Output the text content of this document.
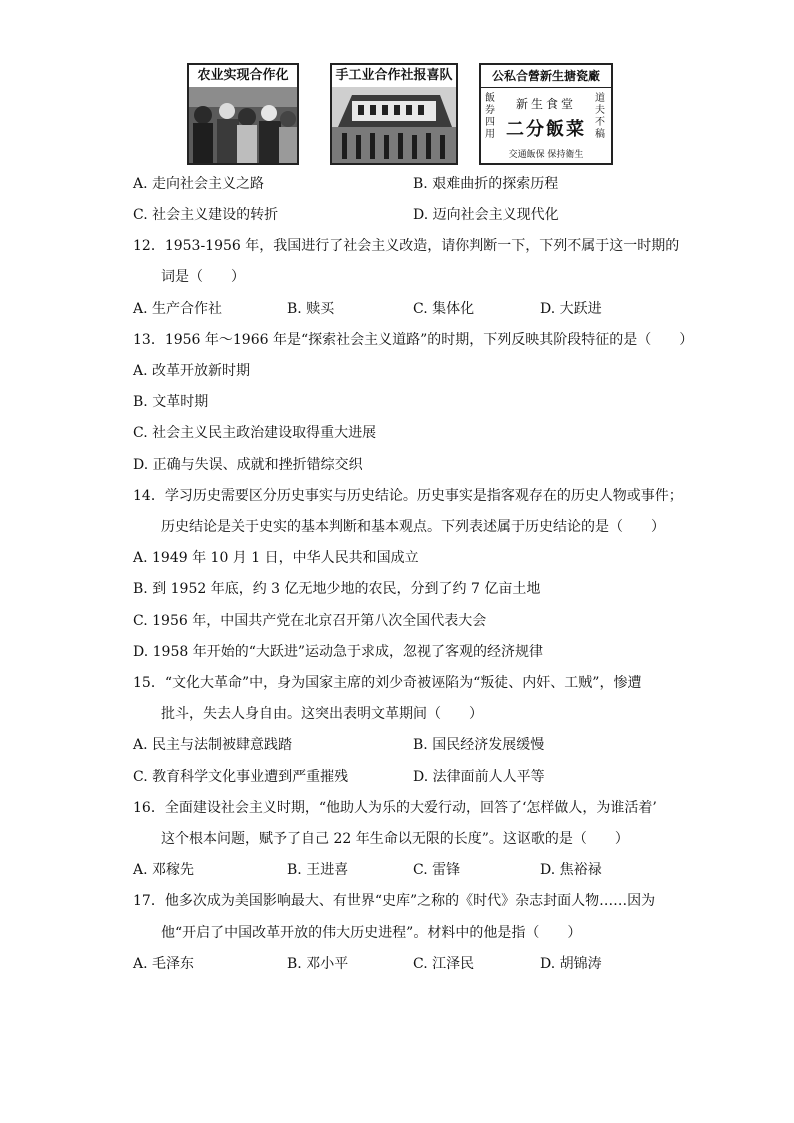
农业实现合作化	手工业合作社报喜队	公私合營新生搪瓷廠
飯券四用
新生食堂
二分飯菜
道夫不稿
交通飯保 保持衛生
A. 走向社会主义之路	B. 艰难曲折的探索历程
C. 社会主义建设的转折	D. 迈向社会主义现代化
12．1953-1956 年，我国进行了社会主义改造，请你判断一下，下列不属于这一时期的
词是（　　）
A. 生产合作社	B. 赎买	C. 集体化	D. 大跃进
13．1956 年～1966 年是“探索社会主义道路”的时期，下列反映其阶段特征的是（　　）
A. 改革开放新时期
B. 文革时期
C. 社会主义民主政治建设取得重大进展
D. 正确与失误、成就和挫折错综交织
14．学习历史需要区分历史事实与历史结论。历史事实是指客观存在的历史人物或事件；
历史结论是关于史实的基本判断和基本观点。下列表述属于历史结论的是（　　）
A. 1949 年 10 月 1 日，中华人民共和国成立
B. 到 1952 年底，约 3 亿无地少地的农民，分到了约 7 亿亩土地
C. 1956 年，中国共产党在北京召开第八次全国代表大会
D. 1958 年开始的“大跃进”运动急于求成，忽视了客观的经济规律
15．“文化大革命”中，身为国家主席的刘少奇被诬陷为“叛徒、内奸、工贼”，惨遭
批斗，失去人身自由。这突出表明文革期间（　　）
A. 民主与法制被肆意践踏	B. 国民经济发展缓慢
C. 教育科学文化事业遭到严重摧残	D. 法律面前人人平等
16．全面建设社会主义时期，“他助人为乐的大爱行动，回答了‘怎样做人，为谁活着’
这个根本问题，赋予了自己 22 年生命以无限的长度”。这讴歌的是（　　）
A. 邓稼先	B. 王进喜	C. 雷锋	D. 焦裕禄
17．他多次成为美国影响最大、有世界“史库”之称的《时代》杂志封面人物……因为
他“开启了中国改革开放的伟大历史进程”。材料中的他是指（　　）
A. 毛泽东	B. 邓小平	C. 江泽民	D. 胡锦涛
